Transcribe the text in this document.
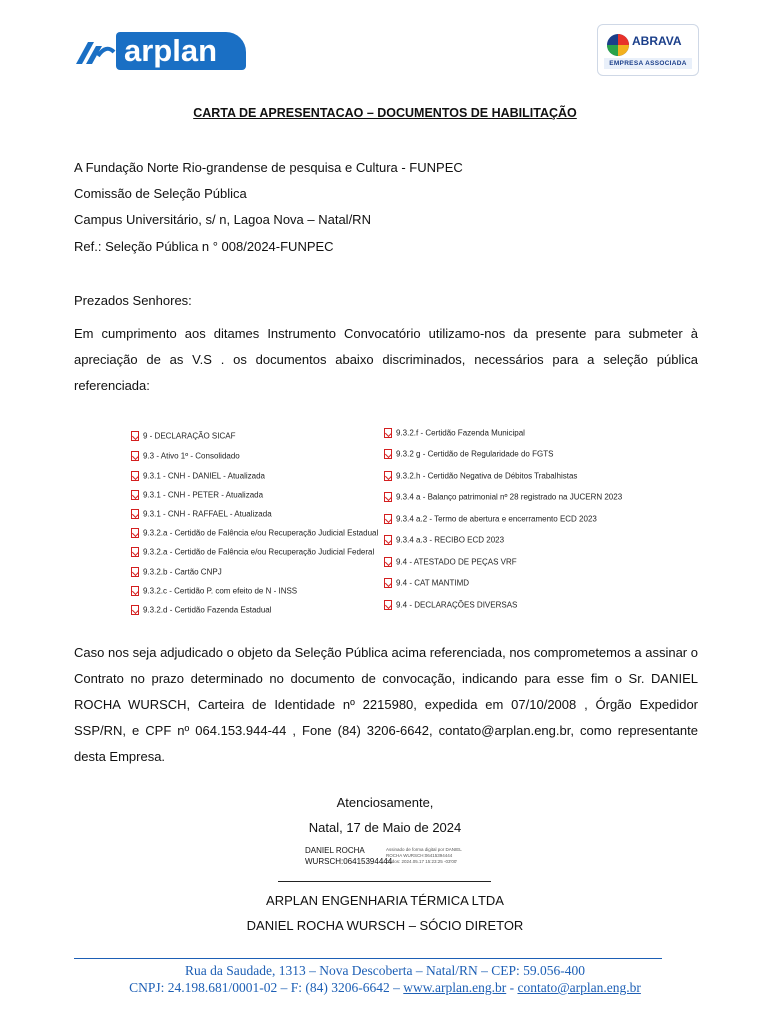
arplan	ABRAVA
EMPRESA ASSOCIADA
CARTA DE APRESENTACAO – DOCUMENTOS DE HABILITAÇÃO
A Fundação Norte Rio-grandense de pesquisa e Cultura - FUNPEC
Comissão de Seleção Pública
Campus Universitário, s/ n, Lagoa Nova – Natal/RN
Ref.: Seleção Pública n ° 008/2024-FUNPEC
Prezados Senhores:
Em cumprimento aos ditames Instrumento Convocatório utilizamo-nos da presente para submeter à apreciação de as V.S . os documentos abaixo discriminados, necessários para a seleção pública referenciada:
9 - DECLARAÇÃO SICAF
9.3 - Ativo 1º - Consolidado
9.3.1 - CNH - DANIEL - Atualizada
9.3.1 - CNH - PETER - Atualizada
9.3.1 - CNH - RAFFAEL - Atualizada
9.3.2.a - Certidão de Falência e/ou Recuperação Judicial Estadual
9.3.2.a - Certidão de Falência e/ou Recuperação Judicial Federal
9.3.2.b - Cartão CNPJ
9.3.2.c - Certidão P. com efeito de N - INSS
9.3.2.d - Certidão Fazenda Estadual
9.3.2.f - Certidão Fazenda Municipal
9.3.2 g - Certidão de Regularidade do FGTS
9.3.2.h - Certidão Negativa de Débitos Trabalhistas
9.3.4 a - Balanço patrimonial nº 28 registrado na JUCERN 2023
9.3.4 a.2 - Termo de abertura e encerramento ECD 2023
9.3.4 a.3 - RECIBO ECD 2023
9.4 - ATESTADO DE PEÇAS VRF
9.4 - CAT MANTIMD
9.4 - DECLARAÇÕES DIVERSAS
Caso nos seja adjudicado o objeto da Seleção Pública acima referenciada, nos comprometemos a assinar o Contrato no prazo determinado no documento de convocação, indicando para esse fim o Sr. DANIEL ROCHA WURSCH, Carteira de Identidade nº 2215980, expedida em 07/10/2008 , Órgão Expedidor SSP/RN, e CPF nº 064.153.944-44 , Fone (84) 3206-6642, contato@arplan.eng.br, como representante desta Empresa.
Atenciosamente,
Natal, 17 de Maio de 2024
DANIEL ROCHA WURSCH:06415394444
Assinado de forma digital por DANIEL ROCHA WURSCH:06415394444 Dados: 2024.05.17 15:23:25 -03'00'
ARPLAN ENGENHARIA TÉRMICA LTDA
DANIEL ROCHA WURSCH – SÓCIO DIRETOR
Rua da Saudade, 1313 – Nova Descoberta – Natal/RN – CEP: 59.056-400
CNPJ: 24.198.681/0001-02 – F: (84) 3206-6642 – www.arplan.eng.br - contato@arplan.eng.br
